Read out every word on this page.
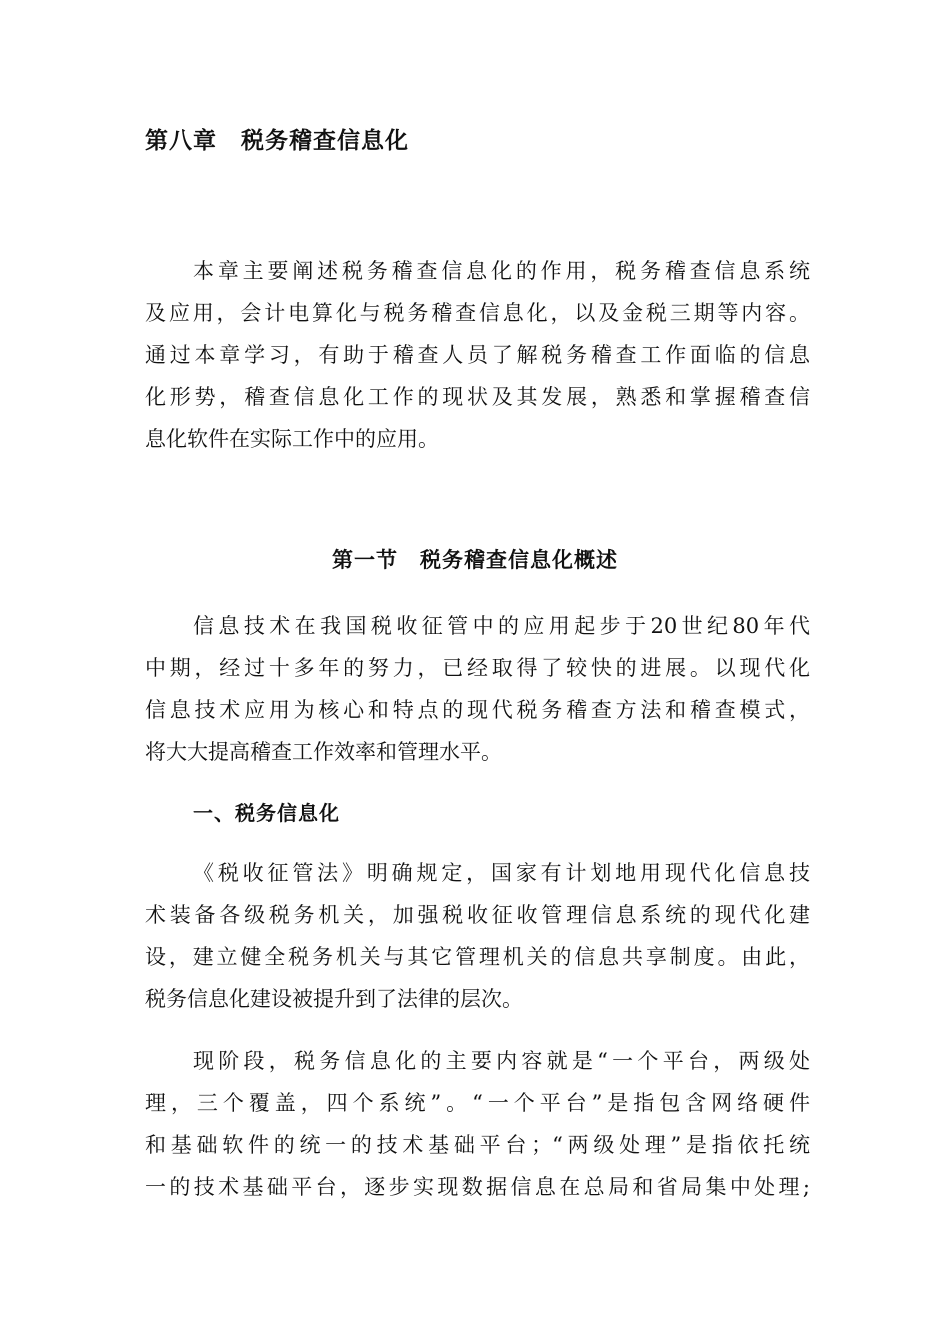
第八章　税务稽查信息化

本章主要阐述税务稽查信息化的作用，税务稽查信息系统
及应用，会计电算化与税务稽查信息化，以及金税三期等内容。
通过本章学习，有助于稽查人员了解税务稽查工作面临的信息
化形势，稽查信息化工作的现状及其发展，熟悉和掌握稽查信
息化软件在实际工作中的应用。

第一节　税务稽查信息化概述

信息技术在我国税收征管中的应用起步于20世纪80年代
中期，经过十多年的努力，已经取得了较快的进展。以现代化
信息技术应用为核心和特点的现代税务稽查方法和稽查模式，
将大大提高稽查工作效率和管理水平。

一、税务信息化

《税收征管法》明确规定，国家有计划地用现代化信息技
术装备各级税务机关，加强税收征收管理信息系统的现代化建
设，建立健全税务机关与其它管理机关的信息共享制度。由此，
税务信息化建设被提升到了法律的层次。

现阶段，税务信息化的主要内容就是“一个平台，两级处
理，三个覆盖，四个系统”。“一个平台”是指包含网络硬件
和基础软件的统一的技术基础平台；“两级处理”是指依托统
一的技术基础平台，逐步实现数据信息在总局和省局集中处理;
